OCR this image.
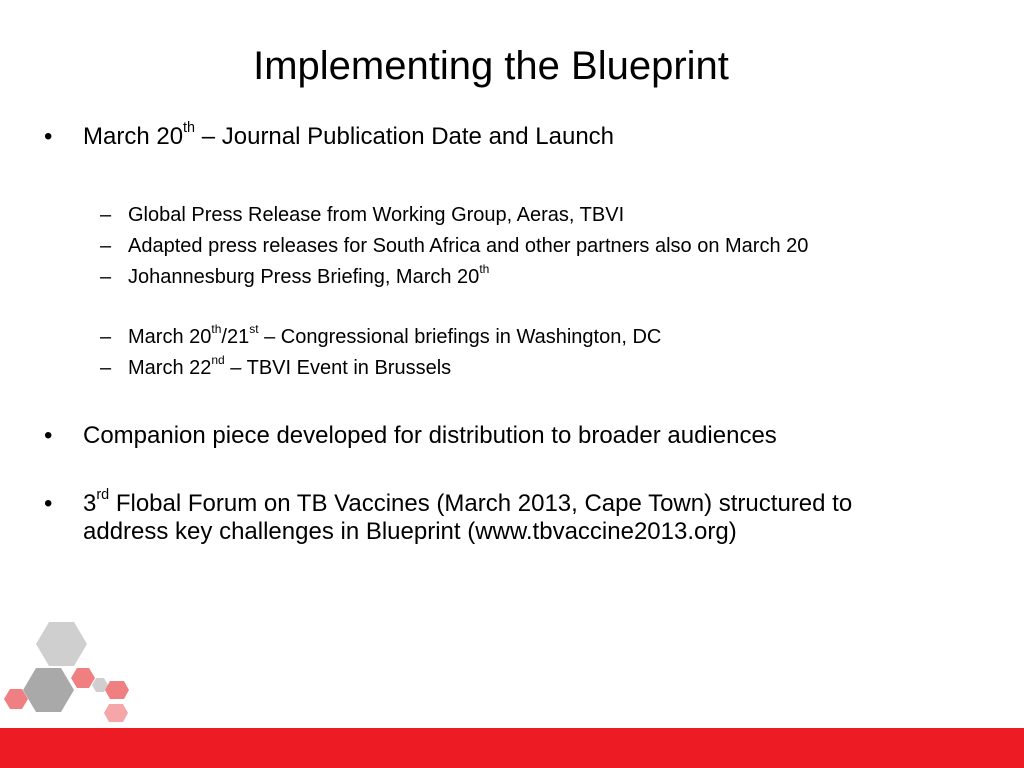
Implementing the Blueprint
• March 20th – Journal Publication Date and Launch
– Global Press Release from Working Group, Aeras, TBVI
– Adapted press releases for South Africa and other partners also on March 20
– Johannesburg Press Briefing, March 20th
– March 20th/21st – Congressional briefings in Washington, DC
– March 22nd – TBVI Event in Brussels
• Companion piece developed for distribution to broader audiences
• 3rd Flobal Forum on TB Vaccines (March 2013, Cape Town) structured to
address key challenges in Blueprint (www.tbvaccine2013.org)
